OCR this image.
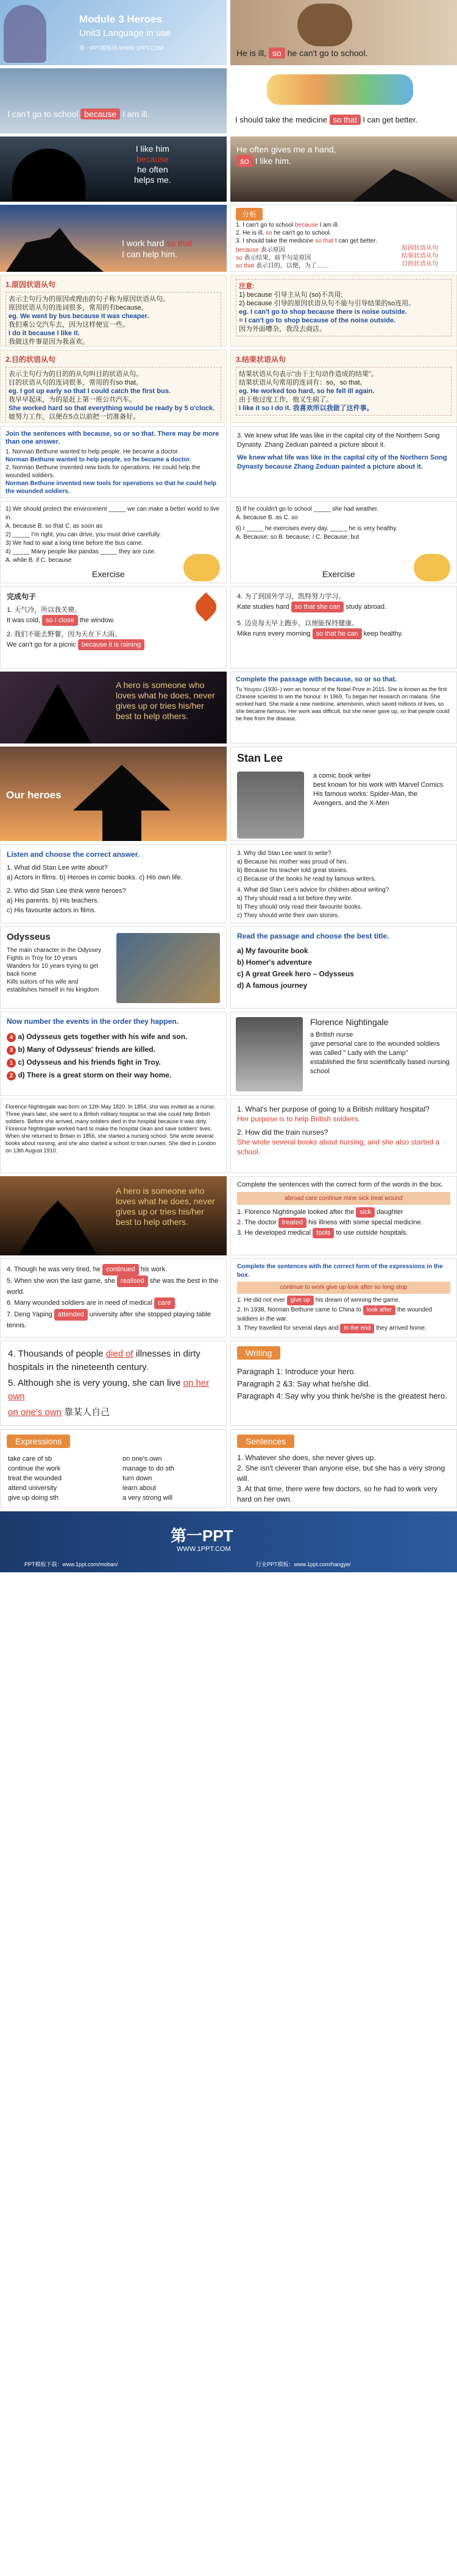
Module 3 Heroes
Unit3 Language in use
第一PPT模板网-WWW.1PPT.COM	He is ill, so he can't go to school.
I can't go to school because I am ill.
I should take the medicine so that I can get better.
I like him
because
he often
helps me.
He often gives me a hand,
so I like him.
I work hard so that
I can help him.
分析
1. I can't go to school because I am ill.
2. He is ill, so he can't go to school.
3. I should take the medicine so that I can get better.
because 表示原因
so 表示结果，前半句是原因
so that 表示目的，以便，为了……
原因状语从句
结果状语从句
目的状语从句
1.原因状语从句
表示主句行为的原因或理由的句子称为原因状语从句。
原因状语从句的连词很多，常用的有because。
eg. We went by bus because it was cheaper.
我们乘公交汽车去，因为这样便宜一些。
I do it because I like it.
我做这件事是因为我喜欢。
注意:
1) because 引导主从句 (so)不共用;
2) because 引导的原因状语从句不能与引导结果的so连用。
eg. I can't go to shop because there is noise outside.
= I can't go to shop because of the noise outside.
因为外面嘈杂，我没去商店。
2.目的状语从句
表示主句行为的目的的从句叫目的状语从句。
目的状语从句的连词很多，常用的有so that。
eg. I got up early so that I could catch the first bus.
我早早起床，为的是赶上第一班公共汽车。
She worked hard so that everything would be ready by 5 o'clock.
她努力工作，以便在5点以前把一切准备好。
3.结果状语从句
结果状语从句表示"由于主句动作造成的结果"。
结果状语从句常用的连词有：so，so that。
eg. He worked too hard, so he fell ill again.
由于他过度工作，他又生病了。
I like it so I do it. 我喜欢所以我做了这件事。
Join the sentences with because, so or so that. There may be more than one answer.
1. Norman Bethune wanted to help people. He became a doctor.
Norman Bethune wanted to help people, so he became a doctor.
2. Norman Bethune invented new tools for operations. He could help the wounded soldiers.
Norman Bethune invented new tools for operations so that he could help the wounded soldiers.
3. We knew what life was like in the capital city of the Northern Song Dynasty. Zhang Zeduan painted a picture about it.
We knew what life was like in the capital city of the Northern Song Dynasty because Zhang Zeduan painted a picture about it.
1) We should protect the environment _____ we can make a better world to live in.
A. because B. so that C. as soon as
2) _____ I'm right, you can drive, you must drive carefully.
3) We had to wait a long time before the bus came.
4) _____ Many people like pandas _____ they are cute.
A. while B. if C. because
Exercise
5) If he couldn't go to school _____ she had weather.
A. because B. as C. so
6) I _____ he exercises every day, _____ he is very healthy.
A. Because; so B. because; / C. Because; but
Exercise
完成句子
1. 天气冷，所以我关窗。
It was cold, so I close the window.
2. 我们不能去野餐，因为天在下大雨。
We can't go for a picnic because it is raining .
4. 为了到国外学习，凯特努力学习。
Kate studies hard so that she can study abroad.
5. 迈克每天早上跑步，以便能保持健康。
Mike runs every morning so that he can keep healthy.
A hero is someone who loves what he does, never gives up or tries his/her best to help others.
Complete the passage with because, so or so that.
Tu Youyou (1930–) won an honour of the Nobel Prize in 2015. She is known as the first Chinese scientist to win the honour. In 1969, Tu began her research on malaria. She worked hard. She made a new medicine, artemisinin, which saved millions of lives, so she became famous. Her work was difficult, but she never gave up, so that people could be free from the disease.
Our heroes
Stan Lee
a comic book writer
best known for his work with Marvel Comics
His famous works: Spider-Man, the Avengers, and the X-Men
Listen and choose the correct answer.
1. What did Stan Lee write about?
a) Actors in films. b) Heroes in comic books. c) His own life.
2. Who did Stan Lee think were heroes?
a) His parents. b) His teachers.
c) His favourite actors in films.
3. Why did Stan Lee want to write?
a) Because his mother was proud of him.
b) Because his teacher told great stories.
c) Because of the books he read by famous writers.
4. What did Stan Lee's advice for children about writing?
a) They should read a lot before they write.
b) They should only read their favourite books.
c) They should write their own stories.
Odysseus
The main character in the Odyssey
Fights in Troy for 10 years
Wanders for 10 years trying to get back home
Kills suitors of his wife and establishes himself in his kingdom
Read the passage and choose the best title.
a) My favourite book
b) Homer's adventure
c) A great Greek hero – Odysseus
d) A famous journey
Now number the events in the order they happen.
4 a) Odysseus gets together with his wife and son.
3 b) Many of Odysseus' friends are killed.
1 c) Odysseus and his friends fight in Troy.
2 d) There is a great storm on their way home.
Florence Nightingale
a British nurse
gave personal care to the wounded soldiers
was called " Lady with the Lamp"
established the first scientifically based nursing school
Florence Nightingale was born on 12th May 1820. In 1854, she was invited as a nurse. Three years later, she went to a British military hospital so that she could help British soldiers. Before she arrived, many soldiers died in the hospital because it was dirty. Florence Nightingale worked hard to make the hospital clean and save soldiers' lives. When she returned to Britain in 1856, she started a nursing school. She wrote several books about nursing, and she also started a school to train nurses. She died in London on 13th August 1910.
1. What's her purpose of going to a British military hospital?
Her purpose is to help British soldiers.
2. How did the train nurses?
She wrote several books about nursing, and she also started a school.
A hero is someone who loves what he does, never gives up or tries his/her best to help others.
Complete the sentences with the correct form of the words in the box.
abroad care continue mine sick treat wound
1. Florence Nightingale looked after the sick daughter
2. The doctor treated his illness with some special medicine.
3. He developed medical tools to use outside hospitals.
4. Though he was very tired, he continued his work.
5. When she won the last game, she realised she was the best in the world.
6. Many wounded soldiers are in need of medical care .
7. Deng Yaping attended university after she stopped playing table tennis.
Complete the sentences with the correct form of the expressions in the box.
continue to work give up look after so long stop
1. He did not ever give up his dream of winning the game.
2. In 1938, Norman Bethune came to China to look after the wounded soldiers in the war.
3. They travelled for several days and in the end they arrived home.
4. Thousands of people died of illnesses in dirty hospitals in the nineteenth century.
5. Although she is very young, she can live on her own
on one's own 靠某人自己
Writing
Paragraph 1: Introduce your hero.
Paragraph 2 &3: Say what he/she did.
Paragraph 4: Say why you think he/she is the greatest hero.
Expressions
take care of sb
continue the work
treat the wounded
attend university
give up doing sth
on one's own
manage to do sth
turn down
learn about
a very strong will
Sentences
1. Whatever she does, she never gives up.
2. She isn't cleverer than anyone else, but she has a very strong will.
3. At that time, there were few doctors, so he had to work very hard on her own.
第一PPT
WWW.1PPT.COM
PPT模板下载：www.1ppt.com/moban/	行业PPT模板：www.1ppt.com/hangye/
